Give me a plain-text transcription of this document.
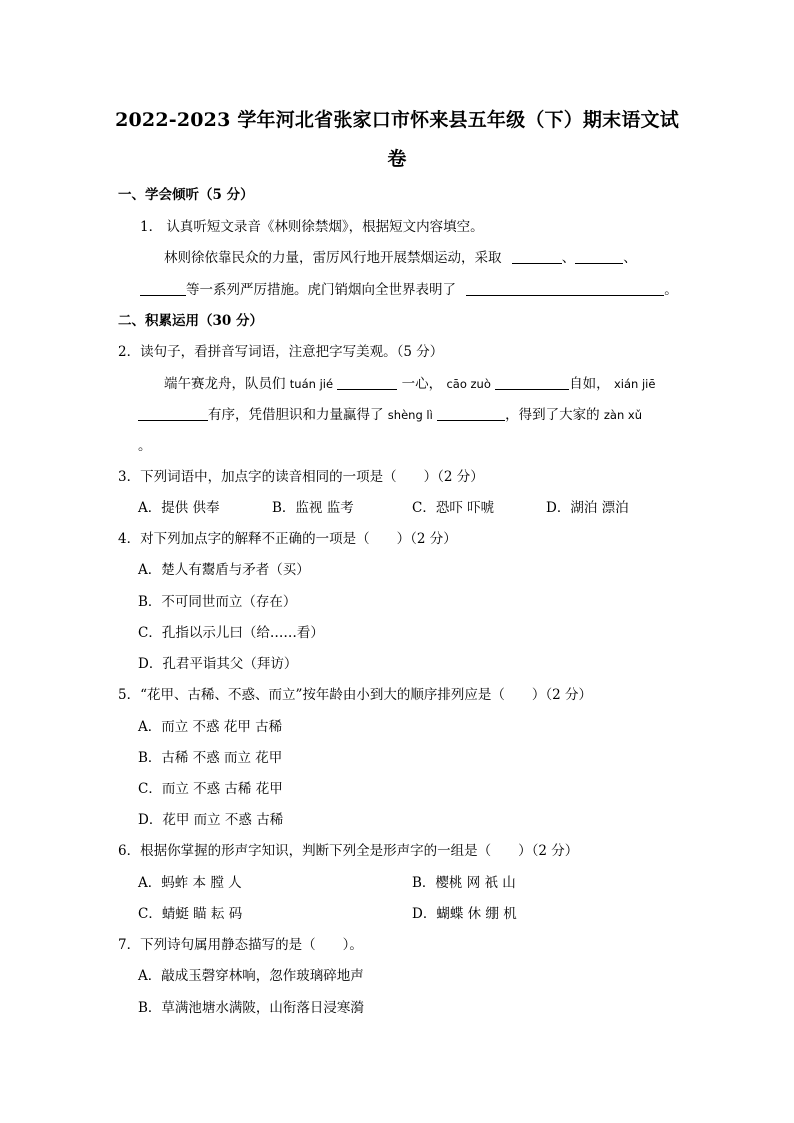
2022-2023 学年河北省张家口市怀来县五年级（下）期末语文试
卷
一、学会倾听（5 分）
1． 认真听短文录音《林则徐禁烟》，根据短文内容填空。
林则徐依靠民众的力量，雷厉风行地开展禁烟运动，采取	、	、
等一系列严厉措施。虎门销烟向全世界表明了	。
二、积累运用（30 分）
2．读句子，看拼音写词语，注意把字写美观。（5 分）
端午赛龙舟，队员们 tuán jié	一心， cāo zuò	自如， xián jiē
有序，凭借胆识和力量赢得了 shèng lì	，得到了大家的 zàn xǔ
。
3．下列词语中，加点字的读音相同的一项是（　　）（2 分）
A．提供 供奉	B．监视 监考	C．恐吓 吓唬	D．湖泊 漂泊
4．对下列加点字的解释不正确的一项是（　　）（2 分）
A．楚人有鬻盾与矛者（买）
B．不可同世而立（存在）
C．孔指以示儿曰（给……看）
D．孔君平诣其父（拜访）
5．“花甲、古稀、不惑、而立”按年龄由小到大的顺序排列应是（　　）（2 分）
A．而立 不惑 花甲 古稀
B．古稀 不惑 而立 花甲
C．而立 不惑 古稀 花甲
D．花甲 而立 不惑 古稀
6．根据你掌握的形声字知识，判断下列全是形声字的一组是（　　）（2 分）
A．蚂蚱 本 膛 人	B．樱桃 网 祇 山
C．蜻蜓 瞄 耘 码	D．蝴蝶 休 绷 机
7．下列诗句属用静态描写的是（　　）。
A．敲成玉磬穿林响，忽作玻璃碎地声
B．草满池塘水满陂，山衔落日浸寒漪
